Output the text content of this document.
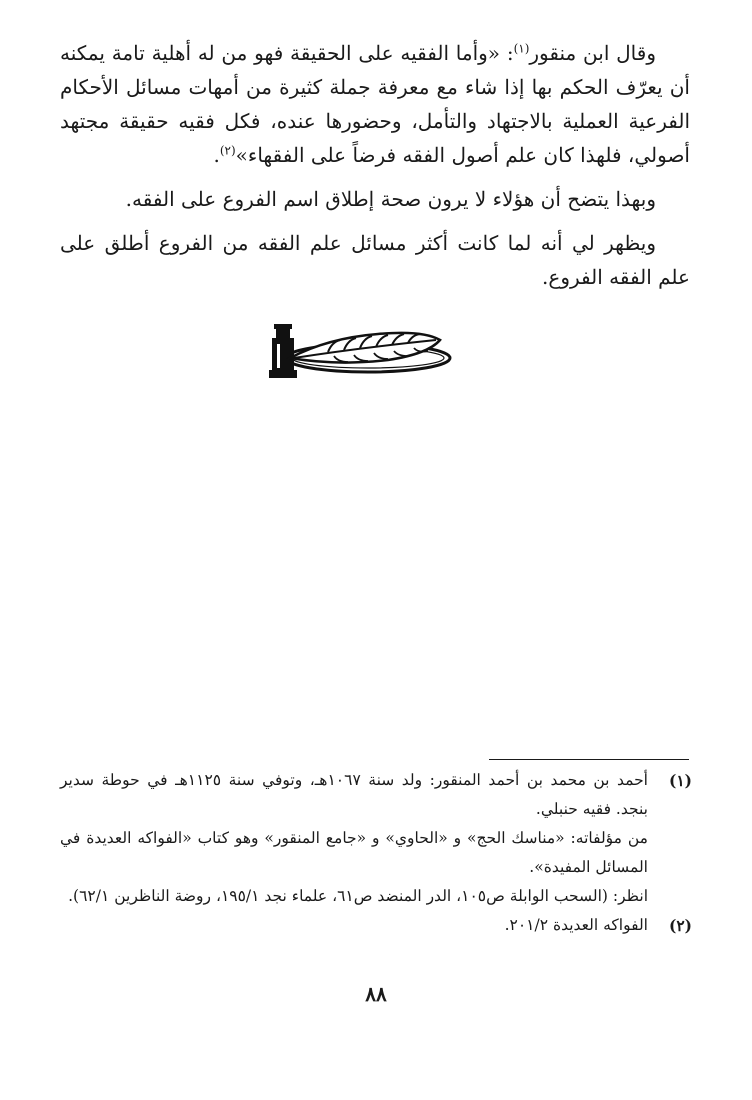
وقال ابن منقور$^{(١)}$: «وأما الفقيه على الحقيقة فهو من له أهلية تامة يمكنه أن يعرّف الحكم بها إذا شاء مع معرفة جملة كثيرة من أمهات مسائل الأحكام الفرعية العملية بالاجتهاد والتأمل، وحضورها عنده، فكل فقيه حقيقة مجتهد أصولي، فلهذا كان علم أصول الفقه فرضاً على الفقهاء»$^{(٢)}$.

وبهذا يتضح أن هؤلاء لا يرون صحة إطلاق اسم الفروع على الفقه.

ويظهر لي أنه لما كانت أكثر مسائل علم الفقه من الفروع أطلق على علم الفقه الفروع.

(١)
أحمد بن محمد بن أحمد المنقور: ولد سنة ١٠٦٧هـ، وتوفي سنة ١١٢٥هـ في حوطة سدير بنجد. فقيه حنبلي.
من مؤلفاته: «مناسك الحج» و «الحاوي» و «جامع المنقور» وهو كتاب «الفواكه العديدة في المسائل المفيدة».
انظر: (السحب الوابلة ص١٠٥، الدر المنضد ص٦١، علماء نجد ١٩٥/١، روضة الناظرين ٦٢/١).
(٢)
الفواكه العديدة ٢٠١/٢.
٨٨
